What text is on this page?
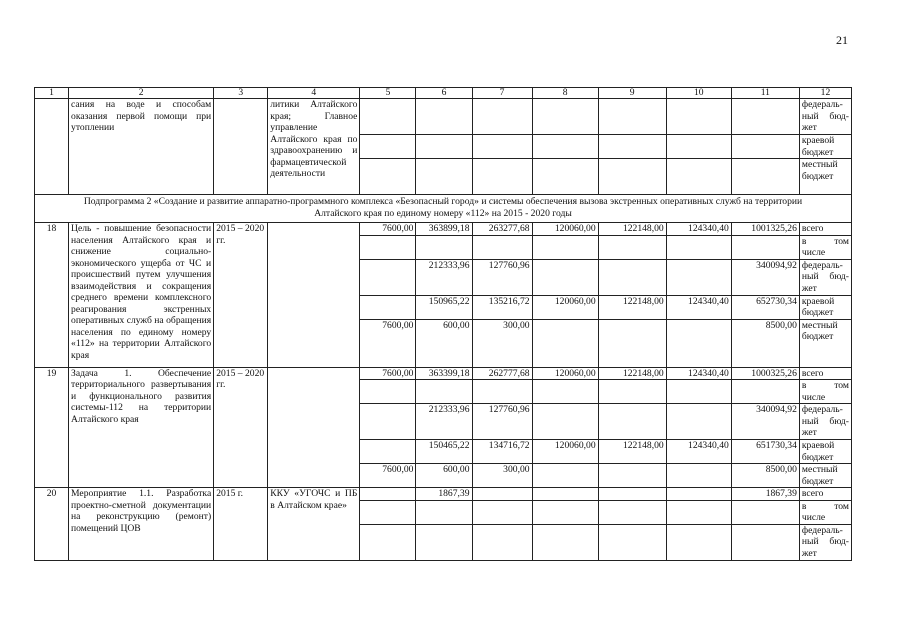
21
1	2	3	4	5	6	7	8	9	10	11	12
	сания на воде и способам оказания первой помощи при утоплении		литики Алтайского края; Главное управление Алтайского края по здравоохранению и фармацевтической деятельности								федераль-ный бюд-жет
											краевой бюджет
											местный бюджет
Подпрограмма 2 «Создание и развитие аппаратно-программного комплекса «Безопасный город» и системы обеспечения вызова экстренных оперативных служб на территории Алтайского края по единому номеру «112» на 2015 - 2020 годы											
18	Цель - повышение безопасности населения Алтайского края и снижение социально-экономического ущерба от ЧС и происшествий путем улучшения взаимодействия и сокращения среднего времени комплексного реагирования экстренных оперативных служб на обращения населения по единому номеру «112» на территории Алтайского края	2015 – 2020 гг.		7600,00	363899,18	263277,68	120060,00	122148,00	124340,40	1001325,26	всего
											в том числе
					212333,96	127760,96				340094,92	федераль-ный бюд-жет
					150965,22	135216,72	120060,00	122148,00	124340,40	652730,34	краевой бюджет
				7600,00	600,00	300,00				8500,00	местный бюджет
19	Задача 1. Обеспечение территориального развертывания и функционального развития системы-112 на территории Алтайского края	2015 – 2020 гг.		7600,00	363399,18	262777,68	120060,00	122148,00	124340,40	1000325,26	всего
											в том числе
					212333,96	127760,96				340094,92	федераль-ный бюд-жет
					150465,22	134716,72	120060,00	122148,00	124340,40	651730,34	краевой бюджет
				7600,00	600,00	300,00				8500,00	местный бюджет
20	Мероприятие 1.1. Разработка проектно-сметной документации на реконструкцию (ремонт) помещений ЦОВ	2015 г.	ККУ «УГОЧС и ПБ в Алтайском крае»		1867,39					1867,39	всего
											в том числе
											федераль-ный бюд-жет
